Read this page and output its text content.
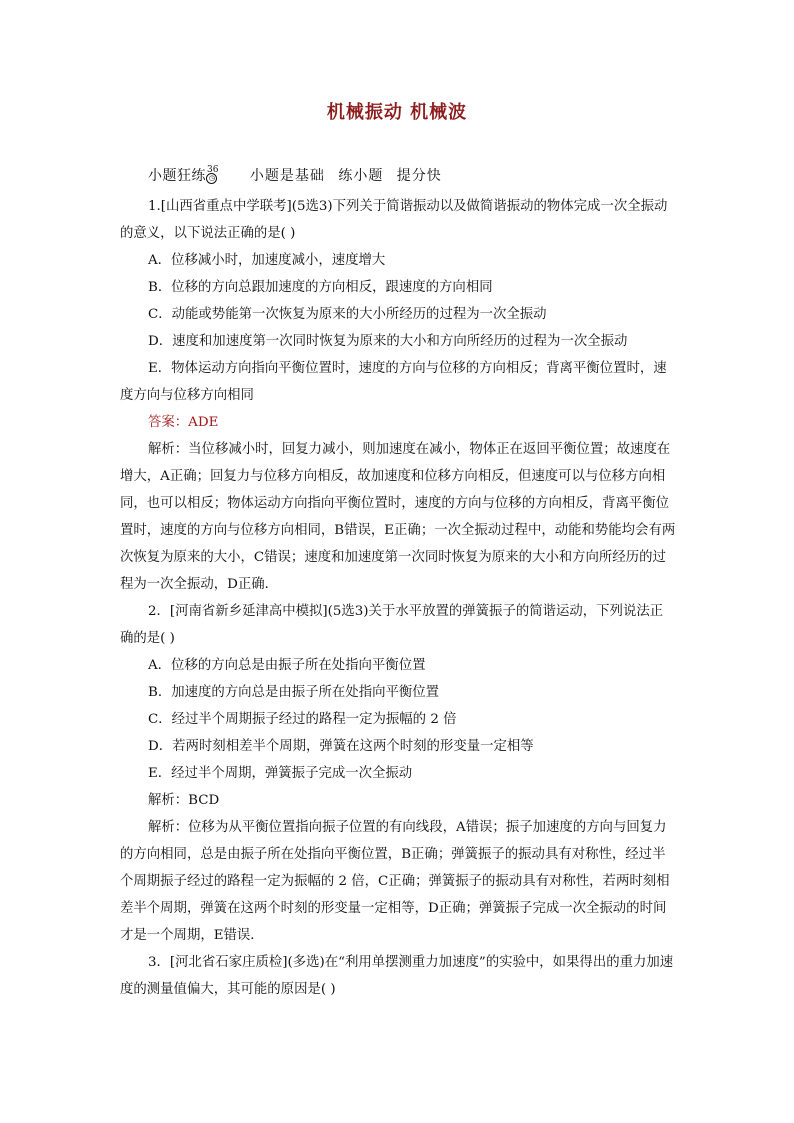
机械振动 机械波
小题狂练$^{36}$◷ 小题是基础 练小题 提分快

1.[山西省重点中学联考](5选3)下列关于简谐振动以及做简谐振动的物体完成一次全振动的意义，以下说法正确的是( )

A．位移减小时，加速度减小，速度增大

B．位移的方向总跟加速度的方向相反，跟速度的方向相同

C．动能或势能第一次恢复为原来的大小所经历的过程为一次全振动

D．速度和加速度第一次同时恢复为原来的大小和方向所经历的过程为一次全振动

E．物体运动方向指向平衡位置时，速度的方向与位移的方向相反；背离平衡位置时，速度方向与位移方向相同

答案：ADE

解析：当位移减小时，回复力减小，则加速度在减小，物体正在返回平衡位置；故速度在增大，A正确；回复力与位移方向相反，故加速度和位移方向相反，但速度可以与位移方向相同，也可以相反；物体运动方向指向平衡位置时，速度的方向与位移的方向相反，背离平衡位置时，速度的方向与位移方向相同，B错误，E正确；一次全振动过程中，动能和势能均会有两次恢复为原来的大小，C错误；速度和加速度第一次同时恢复为原来的大小和方向所经历的过程为一次全振动，D正确．

2．[河南省新乡延津高中模拟](5选3)关于水平放置的弹簧振子的简谐运动，下列说法正确的是( )

A．位移的方向总是由振子所在处指向平衡位置

B．加速度的方向总是由振子所在处指向平衡位置

C．经过半个周期振子经过的路程一定为振幅的 2 倍

D．若两时刻相差半个周期，弹簧在这两个时刻的形变量一定相等

E．经过半个周期，弹簧振子完成一次全振动

解析：BCD

解析：位移为从平衡位置指向振子位置的有向线段，A错误；振子加速度的方向与回复力的方向相同，总是由振子所在处指向平衡位置，B正确；弹簧振子的振动具有对称性，经过半个周期振子经过的路程一定为振幅的 2 倍，C正确；弹簧振子的振动具有对称性，若两时刻相差半个周期，弹簧在这两个时刻的形变量一定相等，D正确；弹簧振子完成一次全振动的时间才是一个周期，E错误．

3．[河北省石家庄质检](多选)在“利用单摆测重力加速度”的实验中，如果得出的重力加速度的测量值偏大，其可能的原因是( )
